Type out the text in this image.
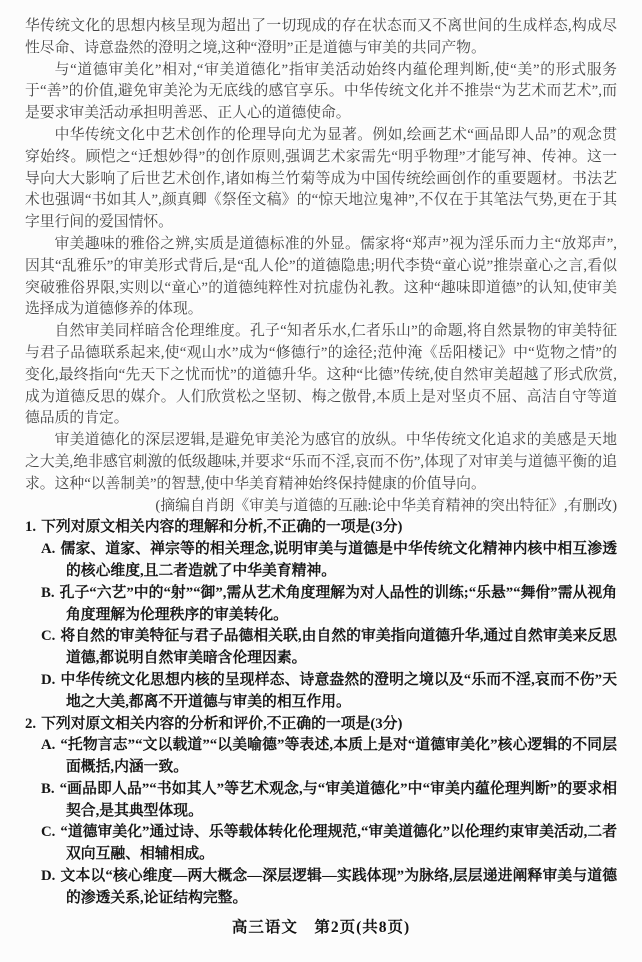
华传统文化的思想内核呈现为超出了一切现成的存在状态而又不离世间的生成样态,构成尽性尽命、诗意盎然的澄明之境,这种“澄明”正是道德与审美的共同产物。

与“道德审美化”相对,“审美道德化”指审美活动始终内蕴伦理判断,使“美”的形式服务于“善”的价值,避免审美沦为无底线的感官享乐。中华传统文化并不推崇“为艺术而艺术”,而是要求审美活动承担明善恶、正人心的道德使命。

中华传统文化中艺术创作的伦理导向尤为显著。例如,绘画艺术“画品即人品”的观念贯穿始终。顾恺之“迁想妙得”的创作原则,强调艺术家需先“明乎物理”才能写神、传神。这一导向大大影响了后世艺术创作,诸如梅兰竹菊等成为中国传统绘画创作的重要题材。书法艺术也强调“书如其人”,颜真卿《祭侄文稿》的“惊天地泣鬼神”,不仅在于其笔法气势,更在于其字里行间的爱国情怀。

审美趣味的雅俗之辨,实质是道德标准的外显。儒家将“郑声”视为淫乐而力主“放郑声”,因其“乱雅乐”的审美形式背后,是“乱人伦”的道德隐患;明代李贽“童心说”推崇童心之言,看似突破雅俗界限,实则以“童心”的道德纯粹性对抗虚伪礼教。这种“趣味即道德”的认知,使审美选择成为道德修养的体现。

自然审美同样暗含伦理维度。孔子“知者乐水,仁者乐山”的命题,将自然景物的审美特征与君子品德联系起来,使“观山水”成为“修德行”的途径;范仲淹《岳阳楼记》中“览物之情”的变化,最终指向“先天下之忧而忧”的道德升华。这种“比德”传统,使自然审美超越了形式欣赏,成为道德反思的媒介。人们欣赏松之坚韧、梅之傲骨,本质上是对坚贞不屈、高洁自守等道德品质的肯定。

审美道德化的深层逻辑,是避免审美沦为感官的放纵。中华传统文化追求的美感是天地之大美,绝非感官刺激的低级趣味,并要求“乐而不淫,哀而不伤”,体现了对审美与道德平衡的追求。这种“以善制美”的智慧,使中华美育精神始终保持健康的价值导向。

(摘编自肖朗《审美与道德的互融:论中华美育精神的突出特征》,有删改)

1. 下列对原文相关内容的理解和分析,不正确的一项是(3分)

A. 儒家、道家、禅宗等的相关理念,说明审美与道德是中华传统文化精神内核中相互渗透的核心维度,且二者造就了中华美育精神。

B. 孔子“六艺”中的“射”“御”,需从艺术角度理解为对人品性的训练;“乐悬”“舞佾”需从视角角度理解为伦理秩序的审美转化。

C. 将自然的审美特征与君子品德相关联,由自然的审美指向道德升华,通过自然审美来反思道德,都说明自然审美暗含伦理因素。

D. 中华传统文化思想内核的呈现样态、诗意盎然的澄明之境以及“乐而不淫,哀而不伤”天地之大美,都离不开道德与审美的相互作用。

2. 下列对原文相关内容的分析和评价,不正确的一项是(3分)

A. “托物言志”“文以载道”“以美喻德”等表述,本质上是对“道德审美化”核心逻辑的不同层面概括,内涵一致。

B. “画品即人品”“书如其人”等艺术观念,与“审美道德化”中“审美内蕴伦理判断”的要求相契合,是其典型体现。

C. “道德审美化”通过诗、乐等载体转化伦理规范,“审美道德化”以伦理约束审美活动,二者双向互融、相辅相成。

D. 文本以“核心维度—两大概念—深层逻辑—实践体现”为脉络,层层递进阐释审美与道德的渗透关系,论证结构完整。

高三语文　第2页(共8页)
